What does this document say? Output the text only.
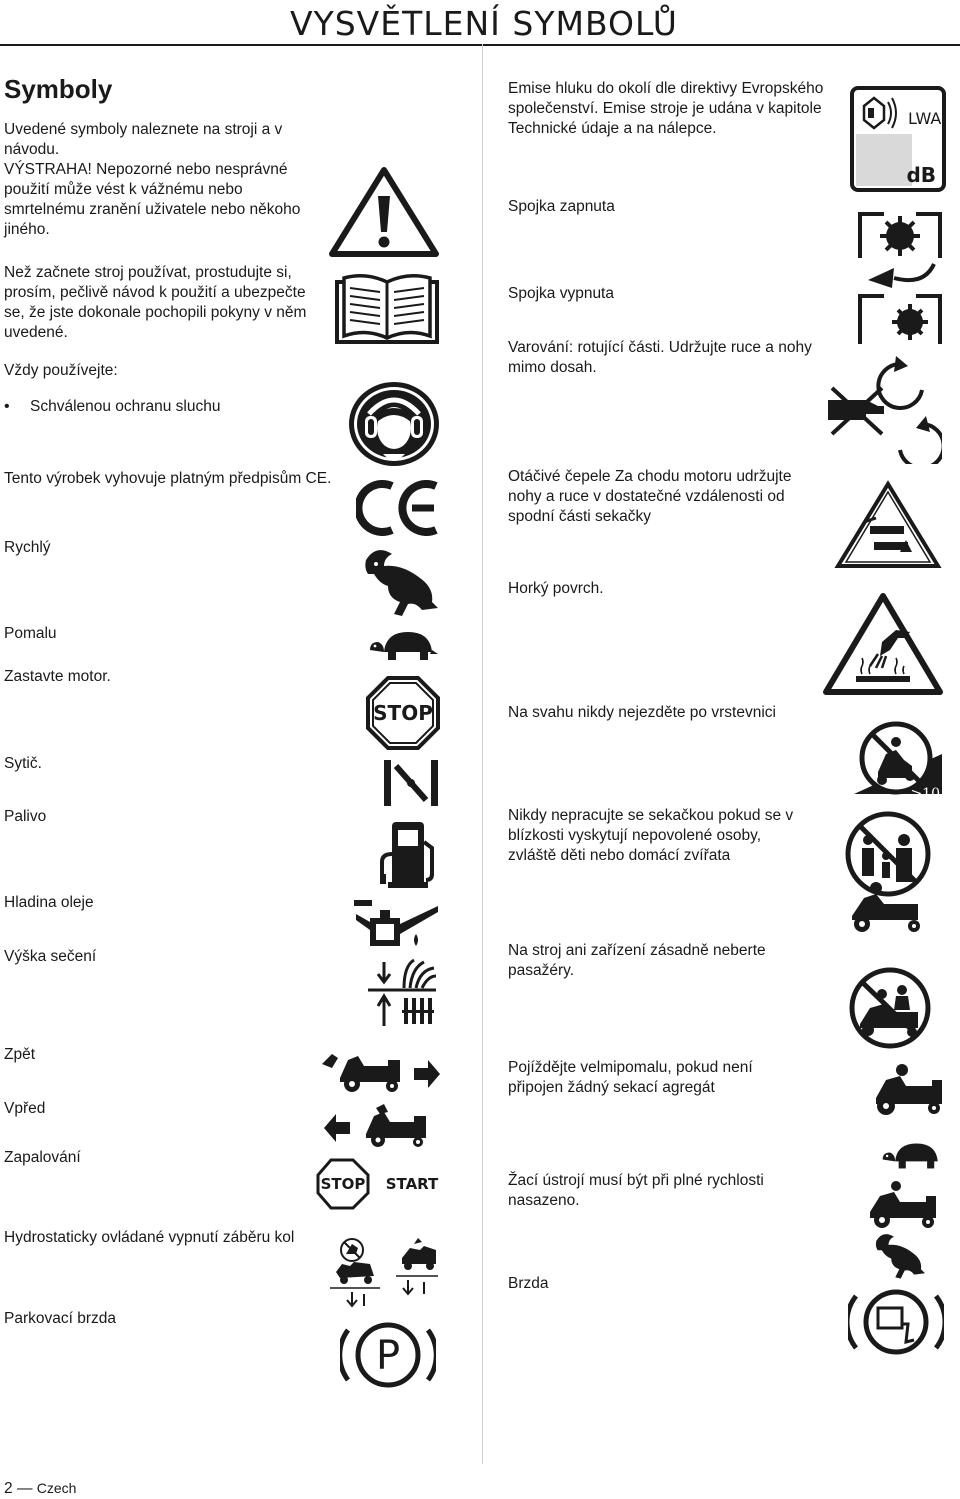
VYSVĚTLENÍ SYMBOLŮ
Symboly
Uvedené symboly naleznete na stroji a v návodu.
VÝSTRAHA! Nepozorné nebo nesprávné použití může vést k vážnému nebo smrtelnému zranění uživatele nebo někoho jiného.
Než začnete stroj používat, prostudujte si, prosím, pečlivě návod k použití a ubezpečte se, že jste dokonale pochopili pokyny v něm uvedené.
Vždy používejte:
• Schválenou ochranu sluchu
Tento výrobek vyhovuje platným předpisům CE.
Rychlý
Pomalu
Zastavte motor.
Sytič.
Palivo
Hladina oleje
Výška sečení
Zpět
Vpřed
Zapalování
Hydrostaticky ovládané vypnutí záběru kol
Parkovací brzda
Emise hluku do okolí dle direktivy Evropského společenství. Emise stroje je udána v kapitole Technické údaje a na nálepce.
Spojka zapnuta
Spojka vypnuta
Varování: rotující části. Udržujte ruce a nohy mimo dosah.
Otáčivé čepele Za chodu motoru udržujte nohy a ruce v dostatečné vzdálenosti od spodní části sekačky
Horký povrch.
Na svahu nikdy nejezděte po vrstevnici
Nikdy nepracujte se sekačkou pokud se v blízkosti vyskytují nepovolené osoby, zvláště děti nebo domácí zvířata
Na stroj ani zařízení zásadně neberte pasažéry.
Pojíždějte velmipomalu, pokud není připojen žádný sekací agregát
Žací ústrojí musí být při plné rychlosti nasazeno.
Brzda
STOP
STOP START
P
LWA
dB
>10
2 — Czech
